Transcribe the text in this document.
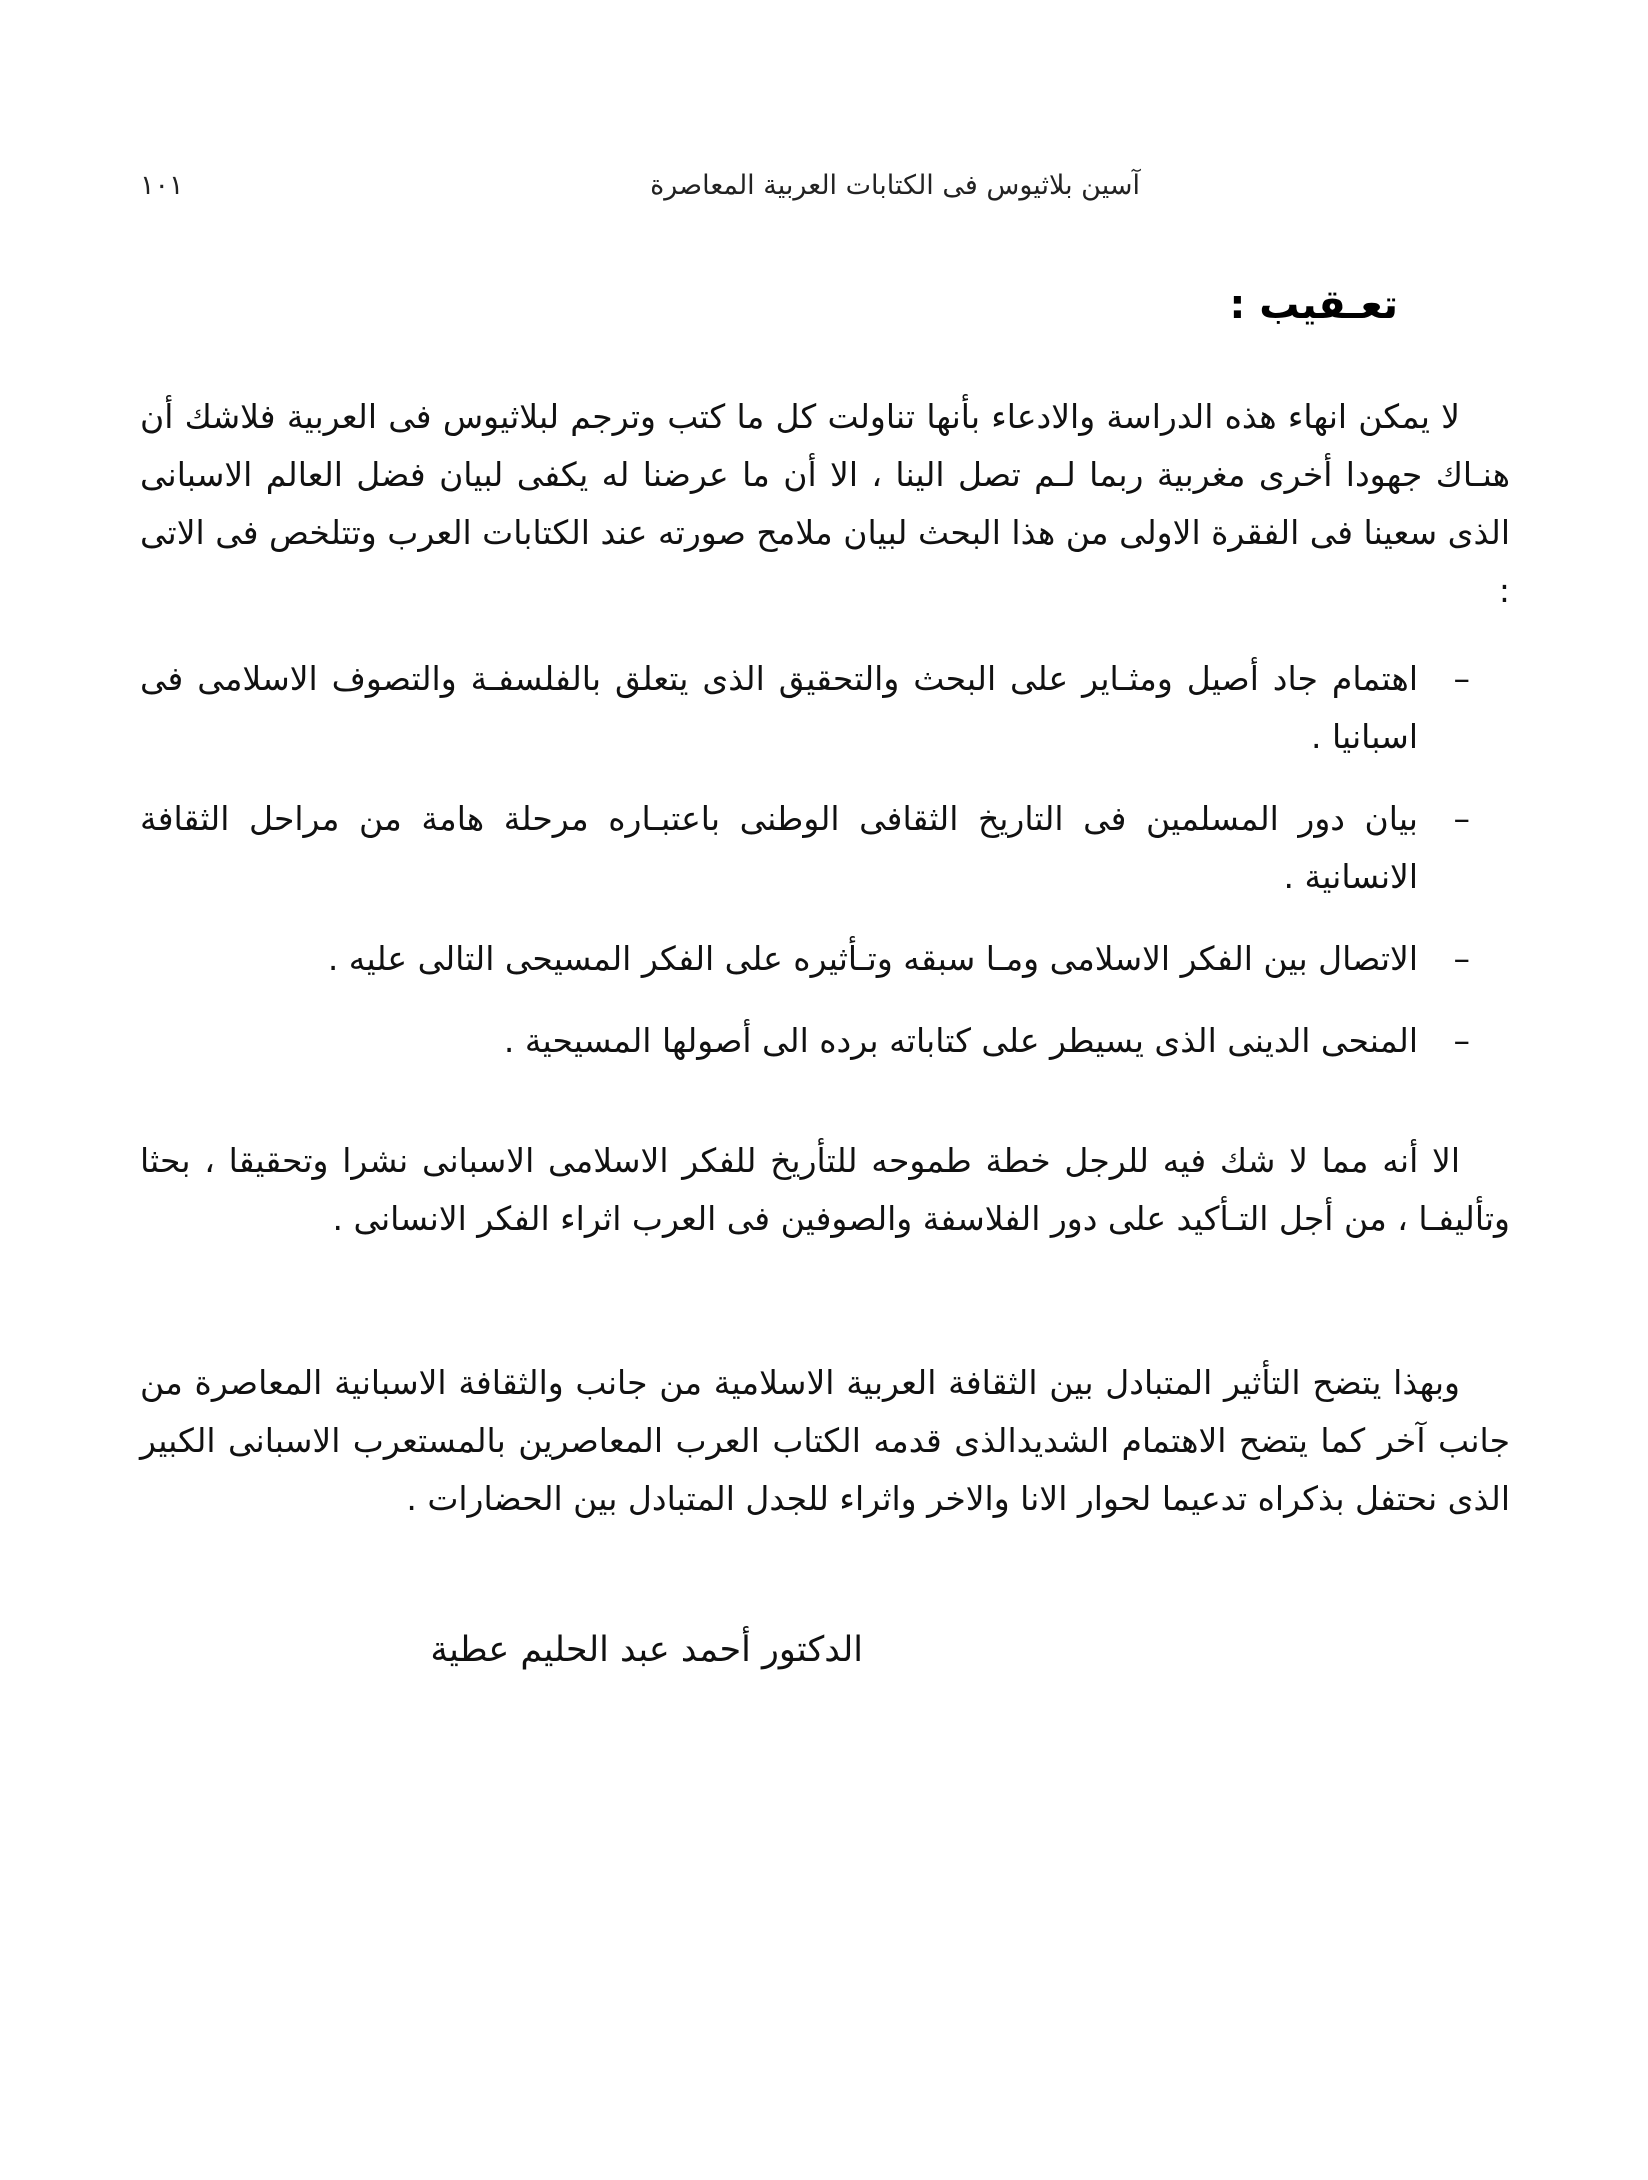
آسين بلاثيوس فى الكتابات العربية المعاصرة
١٠١
تعـقيب :

لا يمكن انهاء هذه الدراسة والادعاء بأنها تناولت كل ما كتب وترجم لبلاثيوس فى العربية فلاشك أن هنـاك جهودا أخرى مغربية ربما لـم تصل الينا ، الا أن ما عرضنا له يكفى لبيان فضل العالم الاسبانى الذى سعينا فى الفقرة الاولى من هذا البحث لبيان ملامح صورته عند الكتابات العرب وتتلخص فى الاتى :

–
اهتمام جاد أصيل ومثـاير على البحث والتحقيق الذى يتعلق بالفلسفـة والتصوف الاسلامى فى اسبانيا .
–
بيان دور المسلمين فى التاريخ الثقافى الوطنى باعتبـاره مرحلة هامة من مراحل الثقافة الانسانية .
–
الاتصال بين الفكر الاسلامى ومـا سبقه وتـأثيره على الفكر المسيحى التالى عليه .
–
المنحى الدينى الذى يسيطر على كتاباته برده الى أصولها المسيحية .

الا أنه مما لا شك فيه للرجل خطة طموحه للتأريخ للفكر الاسلامى الاسبانى نشرا وتحقيقا ، بحثا وتأليفـا ، من أجل التـأكيد على دور الفلاسفة والصوفين فى العرب اثراء الفكر الانسانى .

وبهذا يتضح التأثير المتبادل بين الثقافة العربية الاسلامية من جانب والثقافة الاسبانية المعاصرة من جانب آخر كما يتضح الاهتمام الشديدالذى قدمه الكتاب العرب المعاصرين بالمستعرب الاسبانى الكبير الذى نحتفل بذكراه تدعيما لحوار الانا والاخر واثراء للجدل المتبادل بين الحضارات .

الدكتور أحمد عبد الحليم عطية
